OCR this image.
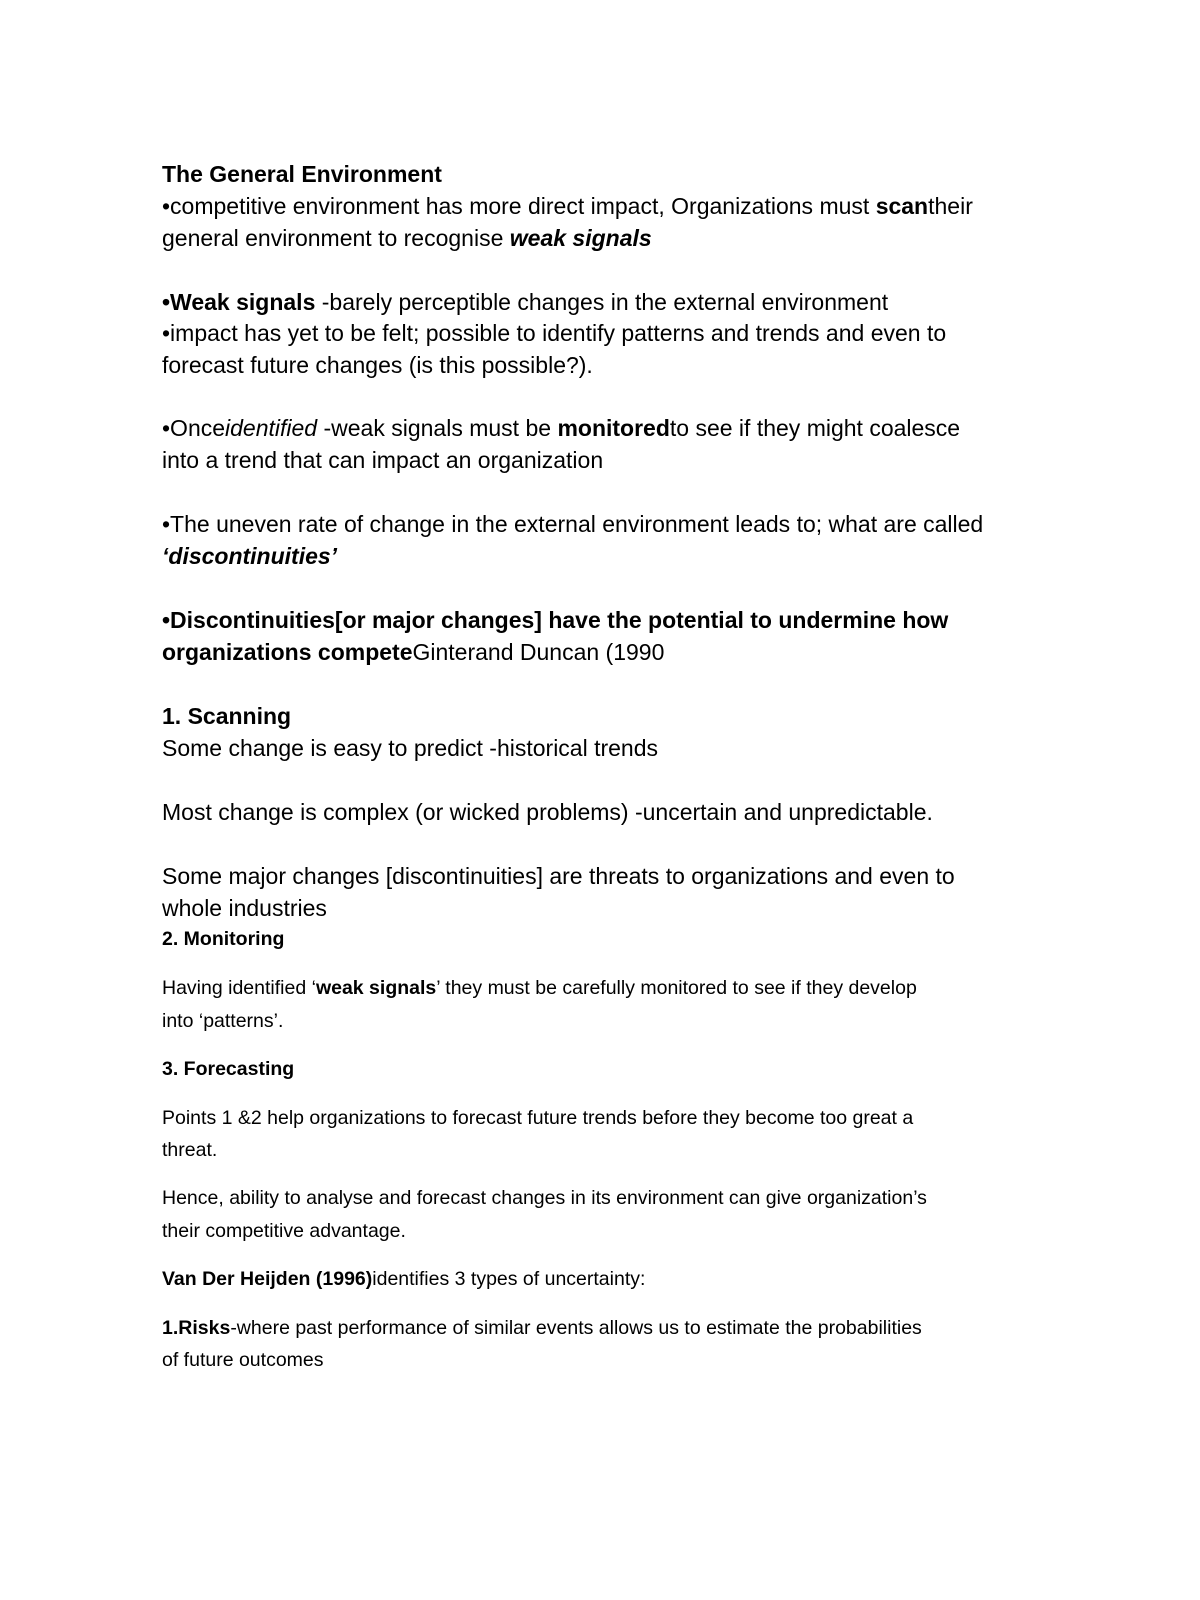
The General Environment
•competitive environment has more direct impact, Organizations must scantheir
general environment to recognise weak signals
•Weak signals -barely perceptible changes in the external environment
•impact has yet to be felt; possible to identify patterns and trends and even to
forecast future changes (is this possible?).
•Onceidentified -weak signals must be monitoredto see if they might coalesce
into a trend that can impact an organization
•The uneven rate of change in the external environment leads to; what are called
‘discontinuities’
•Discontinuities[or major changes] have the potential to undermine how
organizations competeGinterand Duncan (1990
1. Scanning
Some change is easy to predict -historical trends
Most change is complex (or wicked problems) -uncertain and unpredictable.
Some major changes [discontinuities] are threats to organizations and even to
whole industries
2. Monitoring
Having identified ‘weak signals’ they must be carefully monitored to see if they develop
into ‘patterns’.
3. Forecasting
Points 1 &2 help organizations to forecast future trends before they become too great a
threat.
Hence, ability to analyse and forecast changes in its environment can give organization’s
their competitive advantage.
Van Der Heijden (1996)identifies 3 types of uncertainty:
1.Risks-where past performance of similar events allows us to estimate the probabilities
of future outcomes
